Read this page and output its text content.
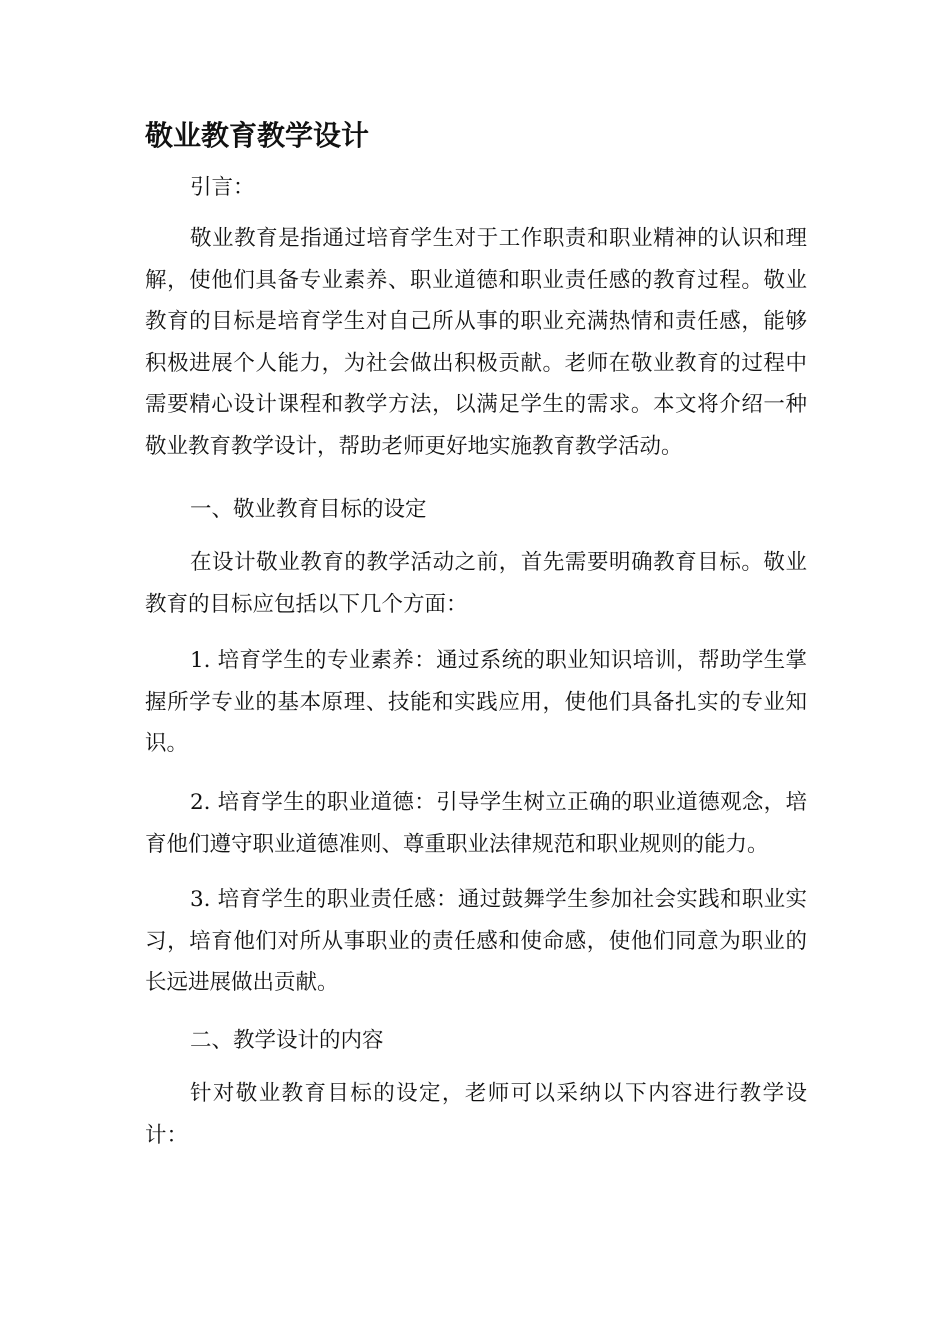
敬业教育教学设计

引言：

敬业教育是指通过培育学生对于工作职责和职业精神的认识和理解，使他们具备专业素养、职业道德和职业责任感的教育过程。敬业教育的目标是培育学生对自己所从事的职业充满热情和责任感，能够积极进展个人能力，为社会做出积极贡献。老师在敬业教育的过程中需要精心设计课程和教学方法，以满足学生的需求。本文将介绍一种敬业教育教学设计，帮助老师更好地实施教育教学活动。

一、敬业教育目标的设定

在设计敬业教育的教学活动之前，首先需要明确教育目标。敬业教育的目标应包括以下几个方面：

1. 培育学生的专业素养：通过系统的职业知识培训，帮助学生掌握所学专业的基本原理、技能和实践应用，使他们具备扎实的专业知识。

2. 培育学生的职业道德：引导学生树立正确的职业道德观念，培育他们遵守职业道德准则、尊重职业法律规范和职业规则的能力。

3. 培育学生的职业责任感：通过鼓舞学生参加社会实践和职业实习，培育他们对所从事职业的责任感和使命感，使他们同意为职业的长远进展做出贡献。

二、教学设计的内容

针对敬业教育目标的设定，老师可以采纳以下内容进行教学设计：
